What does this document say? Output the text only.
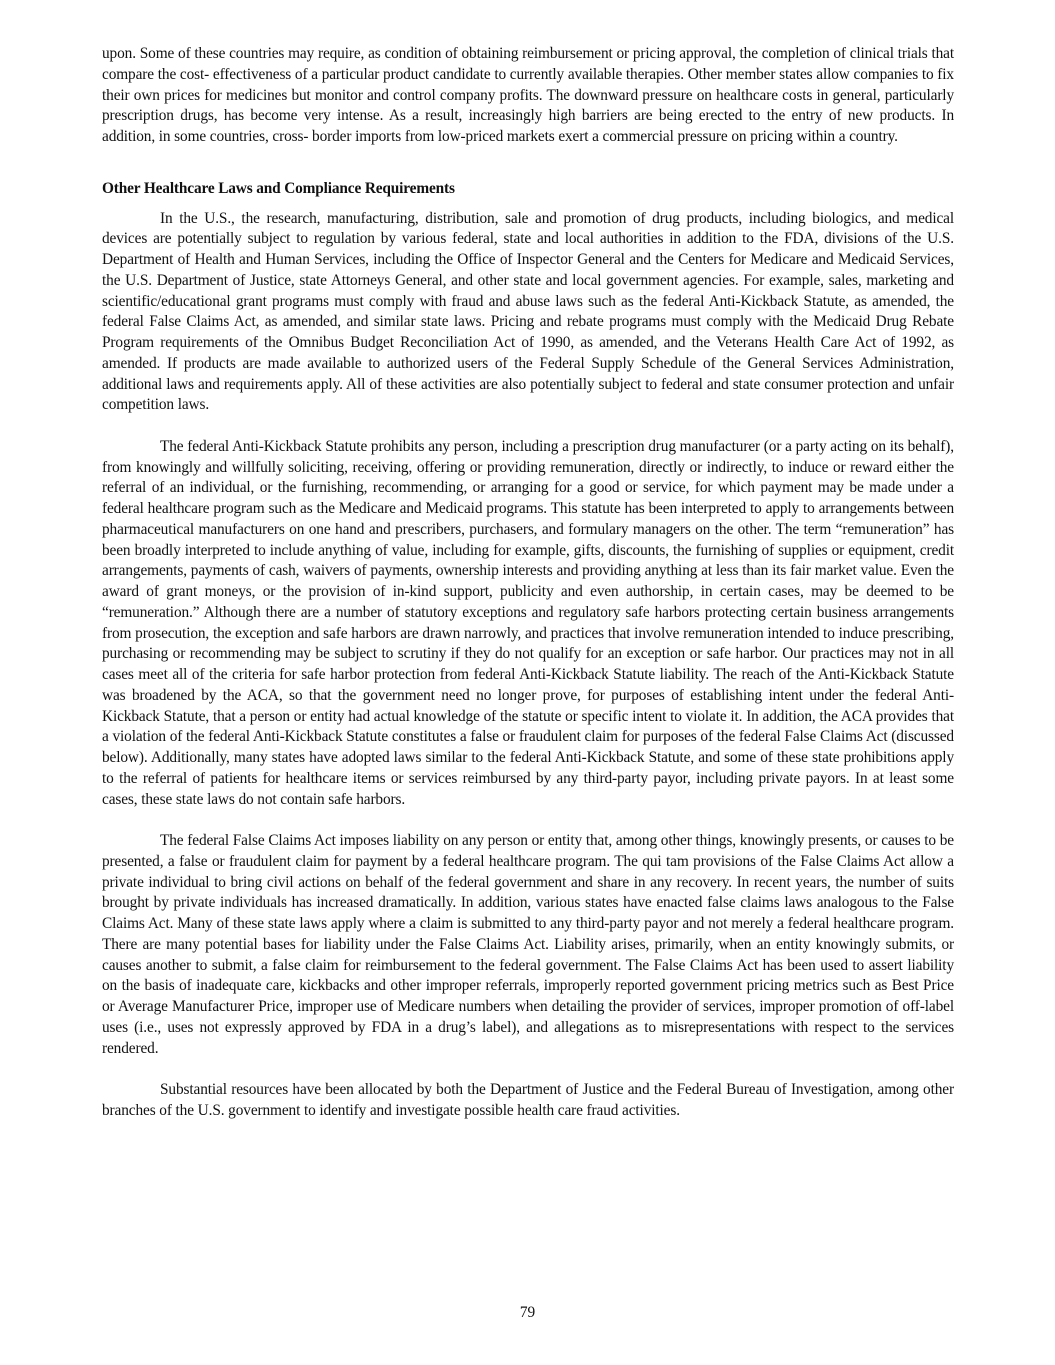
upon. Some of these countries may require, as condition of obtaining reimbursement or pricing approval, the completion of clinical trials that compare the cost- effectiveness of a particular product candidate to currently available therapies. Other member states allow companies to fix their own prices for medicines but monitor and control company profits. The downward pressure on healthcare costs in general, particularly prescription drugs, has become very intense. As a result, increasingly high barriers are being erected to the entry of new products. In addition, in some countries, cross- border imports from low-priced markets exert a commercial pressure on pricing within a country.

Other Healthcare Laws and Compliance Requirements

In the U.S., the research, manufacturing, distribution, sale and promotion of drug products, including biologics, and medical devices are potentially subject to regulation by various federal, state and local authorities in addition to the FDA, divisions of the U.S. Department of Health and Human Services, including the Office of Inspector General and the Centers for Medicare and Medicaid Services, the U.S. Department of Justice, state Attorneys General, and other state and local government agencies. For example, sales, marketing and scientific/educational grant programs must comply with fraud and abuse laws such as the federal Anti-Kickback Statute, as amended, the federal False Claims Act, as amended, and similar state laws. Pricing and rebate programs must comply with the Medicaid Drug Rebate Program requirements of the Omnibus Budget Reconciliation Act of 1990, as amended, and the Veterans Health Care Act of 1992, as amended. If products are made available to authorized users of the Federal Supply Schedule of the General Services Administration, additional laws and requirements apply. All of these activities are also potentially subject to federal and state consumer protection and unfair competition laws.

The federal Anti-Kickback Statute prohibits any person, including a prescription drug manufacturer (or a party acting on its behalf), from knowingly and willfully soliciting, receiving, offering or providing remuneration, directly or indirectly, to induce or reward either the referral of an individual, or the furnishing, recommending, or arranging for a good or service, for which payment may be made under a federal healthcare program such as the Medicare and Medicaid programs. This statute has been interpreted to apply to arrangements between pharmaceutical manufacturers on one hand and prescribers, purchasers, and formulary managers on the other. The term “remuneration” has been broadly interpreted to include anything of value, including for example, gifts, discounts, the furnishing of supplies or equipment, credit arrangements, payments of cash, waivers of payments, ownership interests and providing anything at less than its fair market value. Even the award of grant moneys, or the provision of in-kind support, publicity and even authorship, in certain cases, may be deemed to be “remuneration.” Although there are a number of statutory exceptions and regulatory safe harbors protecting certain business arrangements from prosecution, the exception and safe harbors are drawn narrowly, and practices that involve remuneration intended to induce prescribing, purchasing or recommending may be subject to scrutiny if they do not qualify for an exception or safe harbor. Our practices may not in all cases meet all of the criteria for safe harbor protection from federal Anti-Kickback Statute liability. The reach of the Anti-Kickback Statute was broadened by the ACA, so that the government need no longer prove, for purposes of establishing intent under the federal Anti-Kickback Statute, that a person or entity had actual knowledge of the statute or specific intent to violate it. In addition, the ACA provides that a violation of the federal Anti-Kickback Statute constitutes a false or fraudulent claim for purposes of the federal False Claims Act (discussed below). Additionally, many states have adopted laws similar to the federal Anti-Kickback Statute, and some of these state prohibitions apply to the referral of patients for healthcare items or services reimbursed by any third-party payor, including private payors. In at least some cases, these state laws do not contain safe harbors.

The federal False Claims Act imposes liability on any person or entity that, among other things, knowingly presents, or causes to be presented, a false or fraudulent claim for payment by a federal healthcare program. The qui tam provisions of the False Claims Act allow a private individual to bring civil actions on behalf of the federal government and share in any recovery. In recent years, the number of suits brought by private individuals has increased dramatically. In addition, various states have enacted false claims laws analogous to the False Claims Act. Many of these state laws apply where a claim is submitted to any third-party payor and not merely a federal healthcare program. There are many potential bases for liability under the False Claims Act. Liability arises, primarily, when an entity knowingly submits, or causes another to submit, a false claim for reimbursement to the federal government. The False Claims Act has been used to assert liability on the basis of inadequate care, kickbacks and other improper referrals, improperly reported government pricing metrics such as Best Price or Average Manufacturer Price, improper use of Medicare numbers when detailing the provider of services, improper promotion of off-label uses (i.e., uses not expressly approved by FDA in a drug’s label), and allegations as to misrepresentations with respect to the services rendered.

Substantial resources have been allocated by both the Department of Justice and the Federal Bureau of Investigation, among other branches of the U.S. government to identify and investigate possible health care fraud activities.

79
